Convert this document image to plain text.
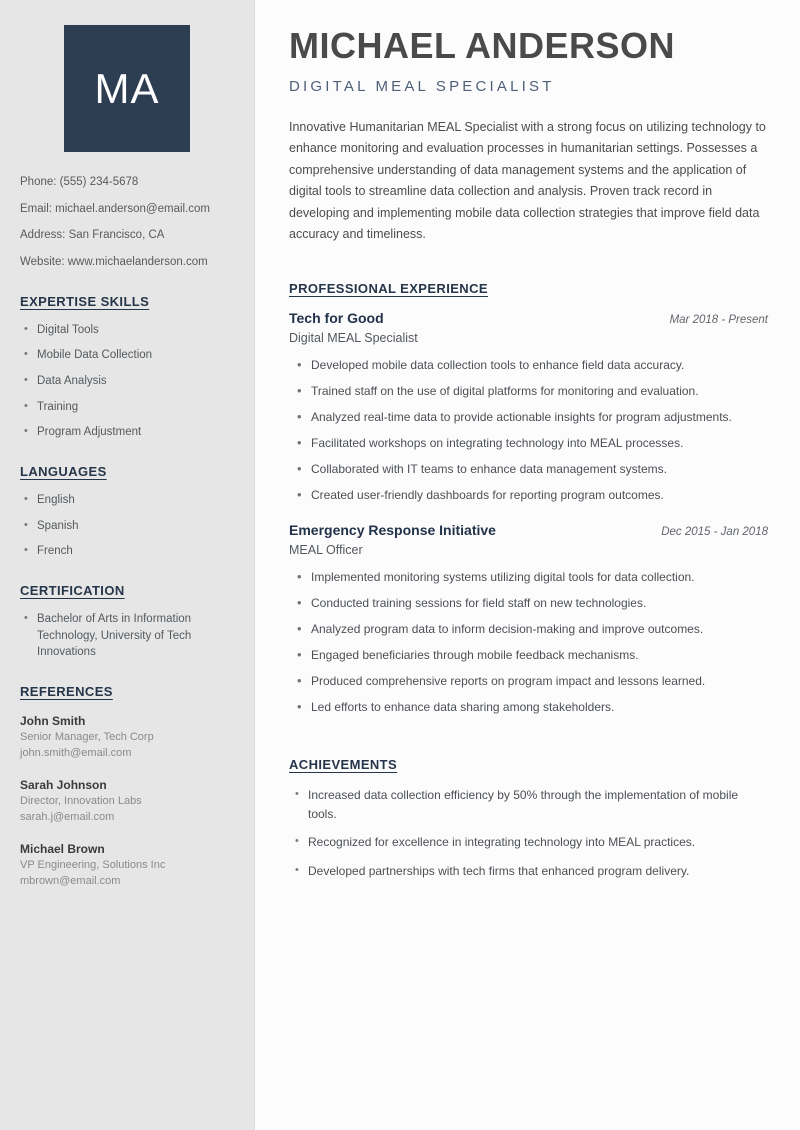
MA
Phone: (555) 234-5678
Email: michael.anderson@email.com
Address: San Francisco, CA
Website: www.michaelanderson.com
EXPERTISE SKILLS
• Digital Tools
• Mobile Data Collection
• Data Analysis
• Training
• Program Adjustment
LANGUAGES
• English
• Spanish
• French
CERTIFICATION
• Bachelor of Arts in Information Technology, University of Tech Innovations
REFERENCES
John Smith
Senior Manager, Tech Corp
john.smith@email.com
Sarah Johnson
Director, Innovation Labs
sarah.j@email.com
Michael Brown
VP Engineering, Solutions Inc
mbrown@email.com
MICHAEL ANDERSON
DIGITAL MEAL SPECIALIST

Innovative Humanitarian MEAL Specialist with a strong focus on utilizing technology to enhance monitoring and evaluation processes in humanitarian settings. Possesses a comprehensive understanding of data management systems and the application of digital tools to streamline data collection and analysis. Proven track record in developing and implementing mobile data collection strategies that improve field data accuracy and timeliness.

PROFESSIONAL EXPERIENCE
Tech for Good	Mar 2018 - Present
Digital MEAL Specialist
• Developed mobile data collection tools to enhance field data accuracy.
• Trained staff on the use of digital platforms for monitoring and evaluation.
• Analyzed real-time data to provide actionable insights for program adjustments.
• Facilitated workshops on integrating technology into MEAL processes.
• Collaborated with IT teams to enhance data management systems.
• Created user-friendly dashboards for reporting program outcomes.
Emergency Response Initiative	Dec 2015 - Jan 2018
MEAL Officer
• Implemented monitoring systems utilizing digital tools for data collection.
• Conducted training sessions for field staff on new technologies.
• Analyzed program data to inform decision-making and improve outcomes.
• Engaged beneficiaries through mobile feedback mechanisms.
• Produced comprehensive reports on program impact and lessons learned.
• Led efforts to enhance data sharing among stakeholders.
ACHIEVEMENTS
• Increased data collection efficiency by 50% through the implementation of mobile tools.
• Recognized for excellence in integrating technology into MEAL practices.
• Developed partnerships with tech firms that enhanced program delivery.
